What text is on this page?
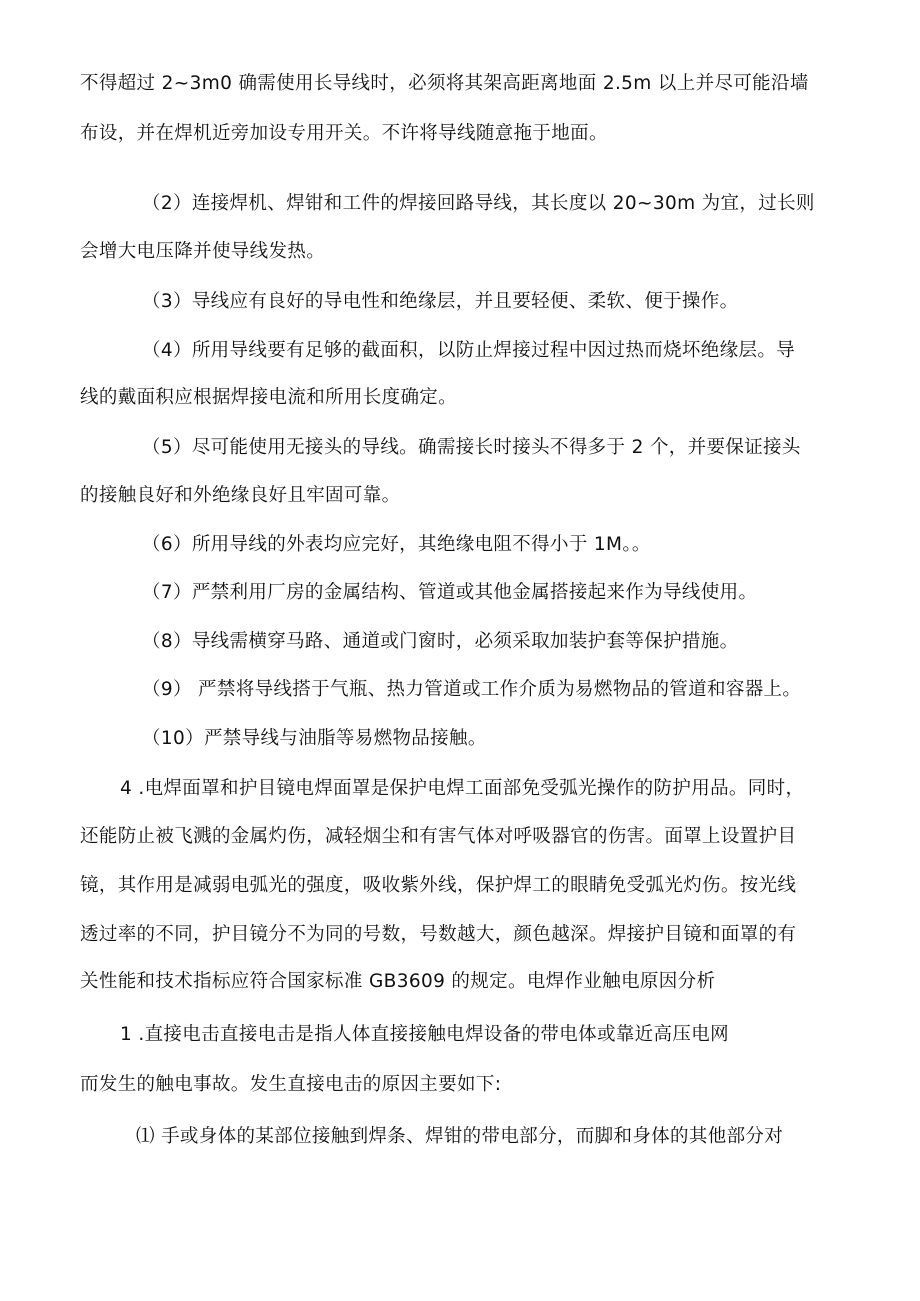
不得超过 2~3m0 确需使用长导线时，必须将其架高距离地面 2.5m 以上并尽可能沿墙

布设，并在焊机近旁加设专用开关。不许将导线随意拖于地面。

（2）连接焊机、焊钳和工件的焊接回路导线，其长度以 20~30m 为宜，过长则

会增大电压降并使导线发热。

（3）导线应有良好的导电性和绝缘层，并且要轻便、柔软、便于操作。

（4）所用导线要有足够的截面积，以防止焊接过程中因过热而烧坏绝缘层。导

线的戴面积应根据焊接电流和所用长度确定。

（5）尽可能使用无接头的导线。确需接长时接头不得多于 2 个，并要保证接头

的接触良好和外绝缘良好且牢固可靠。

（6）所用导线的外表均应完好，其绝缘电阻不得小于 1M。。

（7）严禁利用厂房的金属结构、管道或其他金属搭接起来作为导线使用。

（8）导线需横穿马路、通道或门窗时，必须采取加装护套等保护措施。

（9） 严禁将导线搭于气瓶、热力管道或工作介质为易燃物品的管道和容器上。

（10）严禁导线与油脂等易燃物品接触。

4 .电焊面罩和护目镜电焊面罩是保护电焊工面部免受弧光操作的防护用品。同时，

还能防止被飞溅的金属灼伤，减轻烟尘和有害气体对呼吸器官的伤害。面罩上设置护目

镜，其作用是减弱电弧光的强度，吸收紫外线，保护焊工的眼睛免受弧光灼伤。按光线

透过率的不同，护目镜分不为同的号数，号数越大，颜色越深。焊接护目镜和面罩的有

关性能和技术指标应符合国家标准 GB3609 的规定。电焊作业触电原因分析

1 .直接电击直接电击是指人体直接接触电焊设备的带电体或靠近高压电网

而发生的触电事故。发生直接电击的原因主要如下:

⑴ 手或身体的某部位接触到焊条、焊钳的带电部分，而脚和身体的其他部分对
